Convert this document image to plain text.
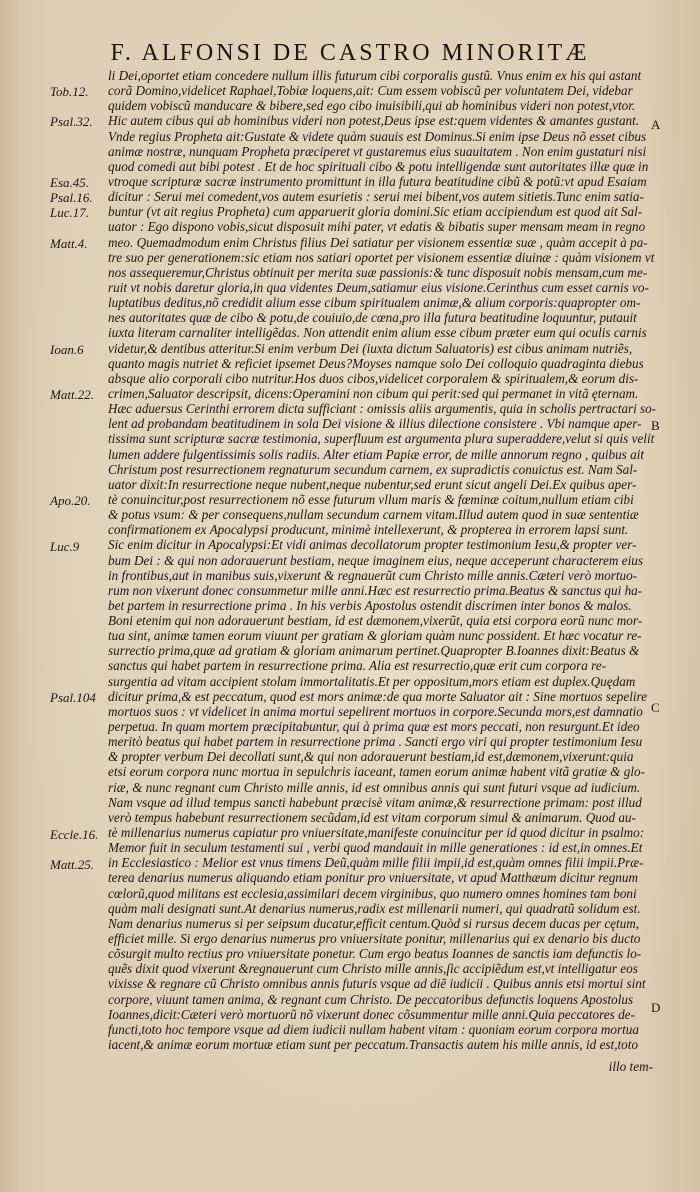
F. ALFONSI DE CASTRO MINORITÆ
li Dei,oportet etiam concedere nullum illis futurum cibi corporalis gustũ. Vnus enim ex his qui astant
corã Domino,videlicet Raphael,Tobiæ loquens,ait: Cum essem vobiscũ per voluntatem Dei, videbar
quidem vobiscũ manducare & bibere,sed ego cibo inuisibili,qui ab hominibus videri non potest,vtor.
Hic autem cibus qui ab hominibus videri non potest,Deus ipse est:quem videntes & amantes gustant.
Vnde regius Propheta ait:Gustate & videte quàm suauis est Dominus.Si enim ipse Deus nõ esset cibus
animæ nostræ, nunquam Propheta præciperet vt gustaremus eius suauitatem . Non enim gustaturi nisi
quod comedi aut bibi potest . Et de hoc spirituali cibo & potu intelligendæ sunt autoritates illæ quæ in
vtroque scripturæ sacræ instrumento promittunt in illa futura beatitudine cibũ & potũ:vt apud Esaiam
dicitur : Serui mei comedent,vos autem esurietis : serui mei bibent,vos autem sitietis.Tunc enim satia-
buntur (vt ait regius Propheta) cum apparuerit gloria domini.Sic etiam accipiendum est quod ait Sal-
uator : Ego dispono vobis,sicut disposuit mihi pater, vt edatis & bibatis super mensam meam in regno
meo. Quemadmodum enim Christus filius Dei satiatur per visionem essentiæ suæ , quàm accepit à pa-
tre suo per generationem:sic etiam nos satiari oportet per visionem essentiæ diuinæ : quàm visionem vt
nos assequeremur,Christus obtinuit per merita suæ passionis:& tunc disposuit nobis mensam,cum me-
ruit vt nobis daretur gloria,in qua videntes Deum,satiamur eius visione.Cerinthus cum esset carnis vo-
luptatibus deditus,nõ credidit alium esse cibum spiritualem animæ,& alium corporis:quapropter om-
nes autoritates quæ de cibo & potu,de couiuio,de cœna,pro illa futura beatitudine loquuntur, putauit
iuxta literam carnaliter intelligẽdas. Non attendit enim alium esse cibum præter eum qui oculis carnis
videtur,& dentibus atteritur.Si enim verbum Dei (iuxta dictum Saluatoris) est cibus animam nutriẽs,
quanto magis nutriet & reficiet ipsemet Deus?Moyses namque solo Dei colloquio quadraginta diebus
absque alio corporali cibo nutritur.Hos duos cibos,videlicet corporalem & spiritualem,& eorum dis-
crimen,Saluator descripsit, dicens:Operamini non cibum qui perit:sed qui permanet in vitã ęternam.
Hæc aduersus Cerinthi errorem dicta sufficiant : omissis aliis argumentis, quia in scholis pertractari so-
lent ad probandam beatitudinem in sola Dei visione & illius dilectione consistere . Vbi namque aper-
tissima sunt scripturæ sacræ testimonia, superfluum est argumenta plura superaddere,velut si quis velit
lumen addere fulgentissimis solis radiis. Alter etiam Papiæ error, de mille annorum regno , quibus ait
Christum post resurrectionem regnaturum secundum carnem, ex supradictis conuictus est. Nam Sal-
uator dixit:In resurrectione neque nubent,neque nubentur,sed erunt sicut angeli Dei.Ex quibus aper-
tè conuincitur,post resurrectionem nõ esse futurum vllum maris & fœminæ coitum,nullum etiam cibi
& potus vsum: & per consequens,nullam secundum carnem vitam.Illud autem quod in suæ sententiæ
confirmationem ex Apocalypsi producunt, minimè intellexerunt, & propterea in errorem lapsi sunt.
Sic enim dicitur in Apocalypsi:Et vidi animas decollatorum propter testimonium Iesu,& propter ver-
bum Dei : & qui non adorauerunt bestiam, neque imaginem eius, neque acceperunt characterem eius
in frontibus,aut in manibus suis,vixerunt & regnauerũt cum Christo mille annis.Cæteri verò mortuo-
rum non vixerunt donec consummetur mille anni.Hæc est resurrectio prima.Beatus & sanctus qui ha-
bet partem in resurrectione prima . In his verbis Apostolus ostendit discrimen inter bonos & malos.
Boni etenim qui non adorauerunt bestiam, id est dæmonem,vixerũt, quia etsi corpora eorũ nunc mor-
tua sint, animæ tamen eorum viuunt per gratiam & gloriam quàm nunc possident. Et hæc vocatur re-
surrectio prima,quæ ad gratiam & gloriam animarum pertinet.Quapropter B.Ioannes dixit:Beatus &
sanctus qui habet partem in resurrectione prima. Alia est resurrectio,quæ erit cum corpora re-
surgentia ad vitam accipient stolam immortalitatis.Et per oppositum,mors etiam est duplex.Quędam
dicitur prima,& est peccatum, quod est mors animæ:de qua morte Saluator ait : Sine mortuos sepelire
mortuos suos : vt videlicet in anima mortui sepelirent mortuos in corpore.Secunda mors,est damnatio
perpetua. In quam mortem præcipitabuntur, qui à prima quæ est mors peccati, non resurgunt.Et ideo
meritò beatus qui habet partem in resurrectione prima . Sancti ergo viri qui propter testimonium Iesu
& propter verbum Dei decollati sunt,& qui non adorauerunt bestiam,id est,dæmonem,vixerunt:quia
etsi eorum corpora nunc mortua in sepulchris iaceant, tamen eorum animæ habent vitã gratiæ & glo-
riæ, & nunc regnant cum Christo mille annis, id est omnibus annis qui sunt futuri vsque ad iudicium.
Nam vsque ad illud tempus sancti habebunt præcisè vitam animæ,& resurrectione primam: post illud
verò tempus habebunt resurrectionem secũdam,id est vitam corporum simul & animarum. Quod au-
tè millenarius numerus capiatur pro vniuersitate,manifeste conuincitur per id quod dicitur in psalmo:
Memor fuit in seculum testamenti sui , verbi quod mandauit in mille generationes : id est,in omnes.Et
in Ecclesiastico : Melior est vnus timens Deũ,quàm mille filii impii,id est,quàm omnes filii impii.Præ-
terea denarius numerus aliquando etiam ponitur pro vniuersitate, vt apud Matthæum dicitur regnum
cœlorũ,quod militans est ecclesia,assimilari decem virginibus, quo numero omnes homines tam boni
quàm mali designati sunt.At denarius numerus,radix est millenarii numeri, qui quadratũ solidum est.
Nam denarius numerus si per seipsum ducatur,efficit centum.Quòd si rursus decem ducas per cętum,
efficiet mille. Si ergo denarius numerus pro vniuersitate ponitur, millenarius qui ex denario bis ducto
cõsurgit multo rectius pro vniuersitate ponetur. Cum ergo beatus Ioannes de sanctis iam defunctis lo-
quẽs dixit quod vixerunt &regnauerunt cum Christo mille annis,ſic accipiẽdum est,vt intelligatur eos
vixisse & regnare cũ Christo omnibus annis futuris vsque ad diẽ iudicii . Quibus annis etsi mortui sint
corpore, viuunt tamen anima, & regnant cum Christo. De peccatoribus defunctis loquens Apostolus
Ioannes,dicit:Cæteri verò mortuorũ nõ vixerunt donec cõsummentur mille anni.Quia peccatores de-
functi,toto hoc tempore vsque ad diem iudicii nullam habent vitam : quoniam eorum corpora mortua
iacent,& animæ eorum mortuæ etiam sunt per peccatum.Transactis autem his mille annis, id est,toto
Tob.12.
Psal.32.
Esa.45.
Psal.16.
Luc.17.
Matt.4.
Ioan.6
Matt.22.
Apo.20.
Luc.9
Psal.104
Eccle.16.
Matt.25.
A
B
C
D
illo tem-
